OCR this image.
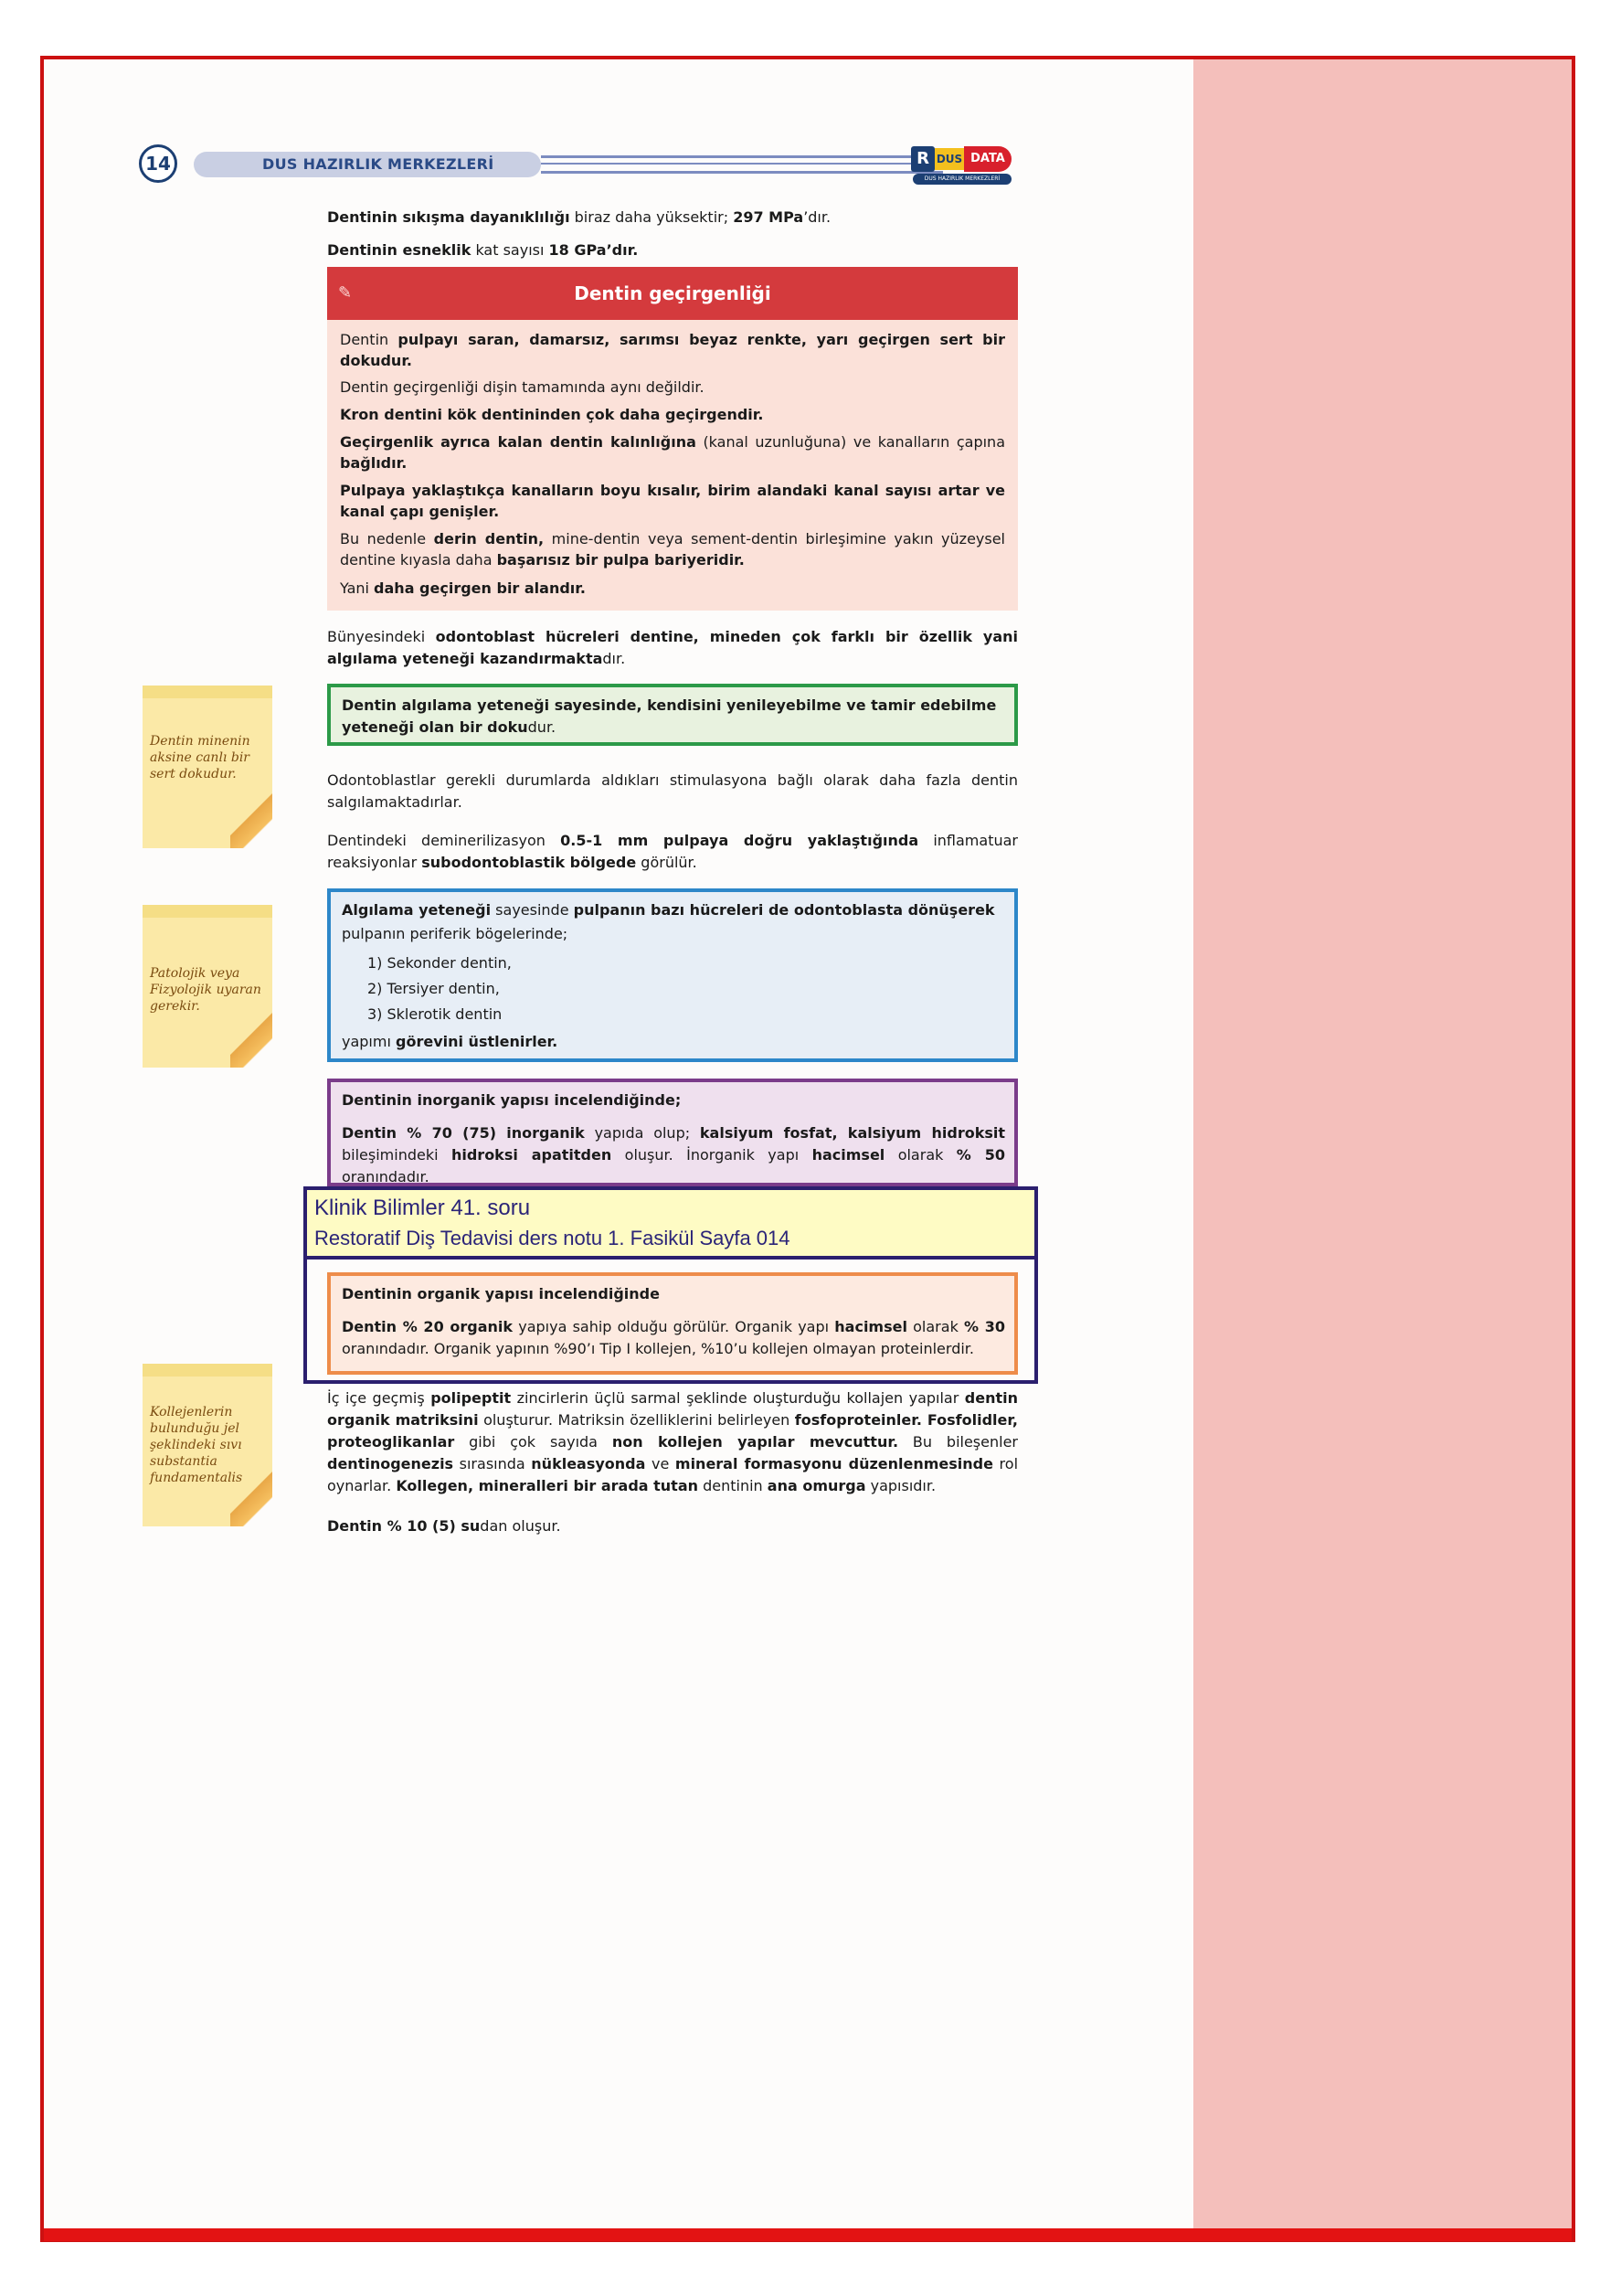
14	DUS HAZIRLIK MERKEZLERİ	R DUS DATA
DUS HAZIRLIK MERKEZLERİ

Dentinin sıkışma dayanıklılığı biraz daha yüksektir; 297 MPa’dır.

Dentinin esneklik kat sayısı 18 GPa’dır.

✎	Dentin geçirgenliği

Dentin pulpayı saran, damarsız, sarımsı beyaz renkte, yarı geçirgen sert bir dokudur.

Dentin geçirgenliği dişin tamamında aynı değildir.

Kron dentini kök dentininden çok daha geçirgendir.

Geçirgenlik ayrıca kalan dentin kalınlığına (kanal uzunluğuna) ve kanalların çapına bağlıdır.

Pulpaya yaklaştıkça kanalların boyu kısalır, birim alandaki kanal sayısı artar ve kanal çapı genişler.

Bu nedenle derin dentin, mine-dentin veya sement-dentin birleşimine yakın yüzeysel dentine kıyasla daha başarısız bir pulpa bariyeridir.

Yani daha geçirgen bir alandır.

Bünyesindeki odontoblast hücreleri dentine, mineden çok farklı bir özellik yani algılama yeteneği kazandırmaktadır.

Dentin algılama yeteneği sayesinde, kendisini yenileyebilme ve tamir edebilme yeteneği olan bir dokudur.

Odontoblastlar gerekli durumlarda aldıkları stimulasyona bağlı olarak daha fazla dentin salgılamaktadırlar.

Dentindeki deminerilizasyon 0.5-1 mm pulpaya doğru yaklaştığında inflamatuar reaksiyonlar subodontoblastik bölgede görülür.

Algılama yeteneği sayesinde pulpanın bazı hücreleri de odontoblasta dönüşerek

pulpanın periferik bögelerinde;

1) Sekonder dentin,

2) Tersiyer dentin,

3) Sklerotik dentin

yapımı görevini üstlenirler.

Dentinin inorganik yapısı incelendiğinde;

Dentin % 70 (75) inorganik yapıda olup; kalsiyum fosfat, kalsiyum hidroksit bileşimindeki hidroksi apatitden oluşur. İnorganik yapı hacimsel olarak % 50 oranındadır.

Dentinin organik yapısı incelendiğinde

Dentin % 20 organik yapıya sahip olduğu görülür. Organik yapı hacimsel olarak % 30 oranındadır. Organik yapının %90’ı Tip I kollejen, %10’u kollejen olmayan proteinlerdir.

Klinik Bilimler 41. soru
Restoratif Diş Tedavisi ders notu 1. Fasikül Sayfa 014

İç içe geçmiş polipeptit zincirlerin üçlü sarmal şeklinde oluşturduğu kollajen yapılar dentin organik matriksini oluşturur. Matriksin özelliklerini belirleyen fosfoproteinler. Fosfolidler, proteoglikanlar gibi çok sayıda non kollejen yapılar mevcuttur. Bu bileşenler dentinogenezis sırasında nükleasyonda ve mineral formasyonu düzenlenmesinde rol oynarlar. Kollegen, mineralleri bir arada tutan dentinin ana omurga yapısıdır.

Dentin % 10 (5) sudan oluşur.

Dentin minenin aksine canlı bir sert dokudur.
Patolojik veya Fizyolojik uyaran gerekir.
Kollejenlerin bulunduğu jel şeklindeki sıvı substantia fundamentalis
